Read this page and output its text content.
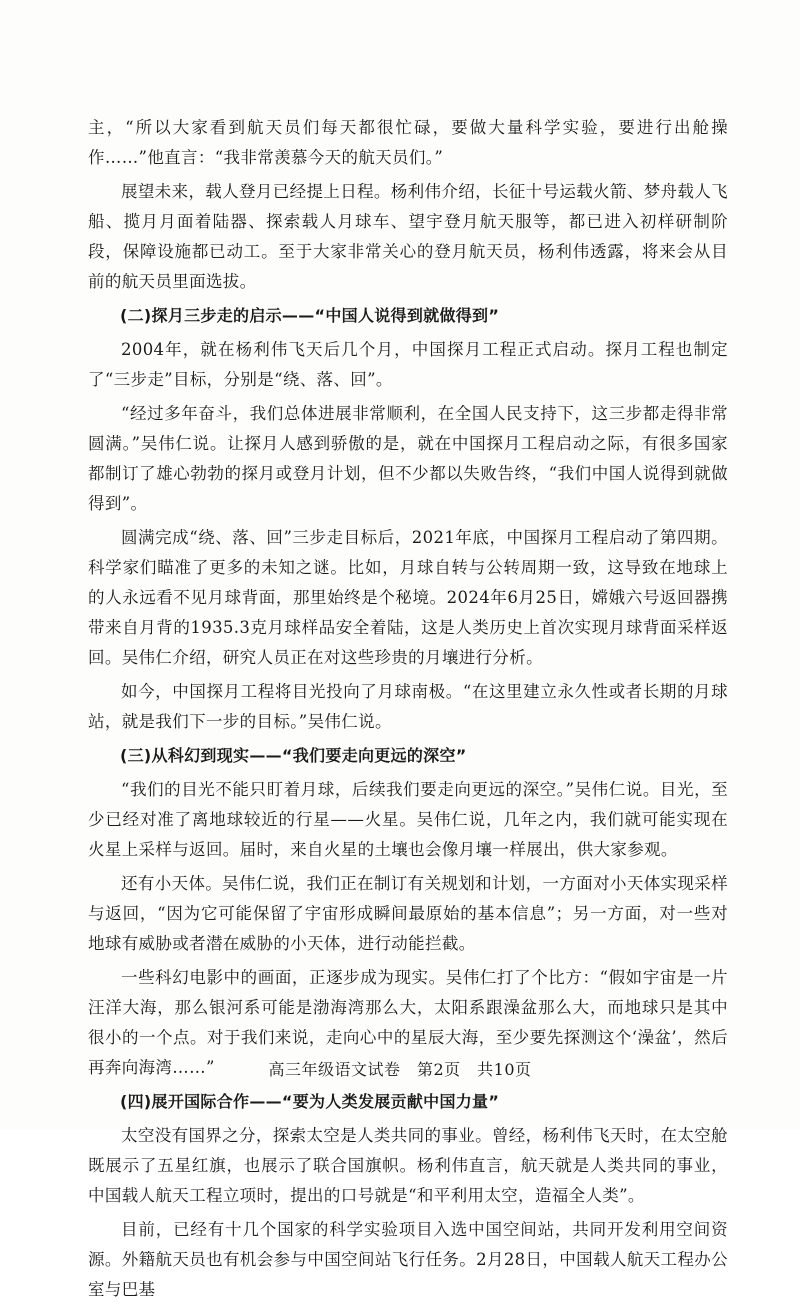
主，“所以大家看到航天员们每天都很忙碌，要做大量科学实验，要进行出舱操作……”他直言：“我非常羡慕今天的航天员们。”

展望未来，载人登月已经提上日程。杨利伟介绍，长征十号运载火箭、梦舟载人飞船、揽月月面着陆器、探索载人月球车、望宇登月航天服等，都已进入初样研制阶段，保障设施都已动工。至于大家非常关心的登月航天员，杨利伟透露，将来会从目前的航天员里面选拔。

(二)探月三步走的启示——“中国人说得到就做得到”

2004年，就在杨利伟飞天后几个月，中国探月工程正式启动。探月工程也制定了“三步走”目标，分别是“绕、落、回”。

“经过多年奋斗，我们总体进展非常顺利，在全国人民支持下，这三步都走得非常圆满。”吴伟仁说。让探月人感到骄傲的是，就在中国探月工程启动之际，有很多国家都制订了雄心勃勃的探月或登月计划，但不少都以失败告终，“我们中国人说得到就做得到”。

圆满完成“绕、落、回”三步走目标后，2021年底，中国探月工程启动了第四期。科学家们瞄准了更多的未知之谜。比如，月球自转与公转周期一致，这导致在地球上的人永远看不见月球背面，那里始终是个秘境。2024年6月25日，嫦娥六号返回器携带来自月背的1935.3克月球样品安全着陆，这是人类历史上首次实现月球背面采样返回。吴伟仁介绍，研究人员正在对这些珍贵的月壤进行分析。

如今，中国探月工程将目光投向了月球南极。“在这里建立永久性或者长期的月球站，就是我们下一步的目标。”吴伟仁说。

(三)从科幻到现实——“我们要走向更远的深空”

“我们的目光不能只盯着月球，后续我们要走向更远的深空。”吴伟仁说。目光，至少已经对准了离地球较近的行星——火星。吴伟仁说，几年之内，我们就可能实现在火星上采样与返回。届时，来自火星的土壤也会像月壤一样展出，供大家参观。

还有小天体。吴伟仁说，我们正在制订有关规划和计划，一方面对小天体实现采样与返回，“因为它可能保留了宇宙形成瞬间最原始的基本信息”；另一方面，对一些对地球有威胁或者潜在威胁的小天体，进行动能拦截。

一些科幻电影中的画面，正逐步成为现实。吴伟仁打了个比方：“假如宇宙是一片汪洋大海，那么银河系可能是渤海湾那么大，太阳系跟澡盆那么大，而地球只是其中很小的一个点。对于我们来说，走向心中的星辰大海，至少要先探测这个‘澡盆’，然后再奔向海湾……”

(四)展开国际合作——“要为人类发展贡献中国力量”

太空没有国界之分，探索太空是人类共同的事业。曾经，杨利伟飞天时，在太空舱既展示了五星红旗，也展示了联合国旗帜。杨利伟直言，航天就是人类共同的事业，中国载人航天工程立项时，提出的口号就是“和平利用太空，造福全人类”。

目前，已经有十几个国家的科学实验项目入选中国空间站，共同开发利用空间资源。外籍航天员也有机会参与中国空间站飞行任务。2月28日，中国载人航天工程办公室与巴基

高三年级语文试卷　第2页　共10页
